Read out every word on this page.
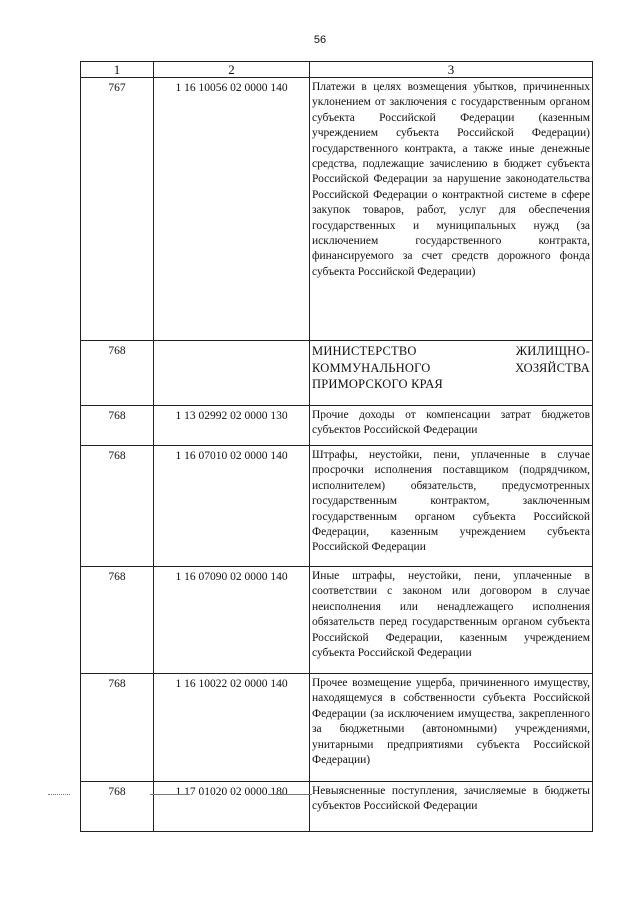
56
1	2	3
767	1 16 10056 02 0000 140	Платежи в целях возмещения убытков, причиненных уклонением от заключения с государственным органом субъекта Российской Федерации (казенным учреждением субъекта Российской Федерации) государственного контракта, а также иные денежные средства, подлежащие зачислению в бюджет субъекта Российской Федерации за нарушение законодательства Российской Федерации о контрактной системе в сфере закупок товаров, работ, услуг для обеспечения государственных и муниципальных нужд (за исключением государственного контракта, финансируемого за счет средств дорожного фонда субъекта Российской Федерации)
768		МИНИСТЕРСТВО ЖИЛИЩНО-КОММУНАЛЬНОГО ХОЗЯЙСТВА ПРИМОРСКОГО КРАЯ
768	1 13 02992 02 0000 130	Прочие доходы от компенсации затрат бюджетов субъектов Российской Федерации
768	1 16 07010 02 0000 140	Штрафы, неустойки, пени, уплаченные в случае просрочки исполнения поставщиком (подрядчиком, исполнителем) обязательств, предусмотренных государственным контрактом, заключенным государственным органом субъекта Российской Федерации, казенным учреждением субъекта Российской Федерации
768	1 16 07090 02 0000 140	Иные штрафы, неустойки, пени, уплаченные в соответствии с законом или договором в случае неисполнения или ненадлежащего исполнения обязательств перед государственным органом субъекта Российской Федерации, казенным учреждением субъекта Российской Федерации
768	1 16 10022 02 0000 140	Прочее возмещение ущерба, причиненного имуществу, находящемуся в собственности субъекта Российской Федерации (за исключением имущества, закрепленного за бюджетными (автономными) учреждениями, унитарными предприятиями субъекта Российской Федерации)
768	1 17 01020 02 0000 180	Невыясненные поступления, зачисляемые в бюджеты субъектов Российской Федерации
